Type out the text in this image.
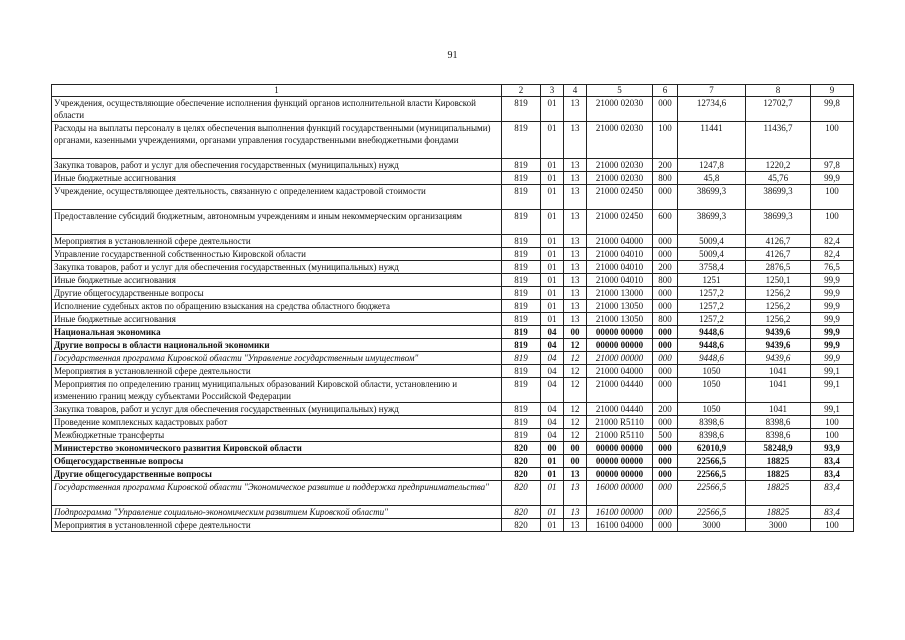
91
1	2	3	4	5	6	7	8	9
Учреждения, осуществляющие обеспечение исполнения функций органов исполнительной власти Кировской области	819	01	13	21000 02030	000	12734,6	12702,7	99,8
Расходы на выплаты персоналу в целях обеспечения выполнения функций государственными (муниципальными) органами, казенными учреждениями, органами управления государственными внебюджетными фондами	819	01	13	21000 02030	100	11441	11436,7	100
Закупка товаров, работ и услуг для обеспечения государственных (муниципальных) нужд	819	01	13	21000 02030	200	1247,8	1220,2	97,8
Иные бюджетные ассигнования	819	01	13	21000 02030	800	45,8	45,76	99,9
Учреждение, осуществляющее деятельность, связанную с определением кадастровой стоимости	819	01	13	21000 02450	000	38699,3	38699,3	100
Предоставление субсидий бюджетным, автономным учреждениям и иным некоммерческим организациям	819	01	13	21000 02450	600	38699,3	38699,3	100
Мероприятия в установленной сфере деятельности	819	01	13	21000 04000	000	5009,4	4126,7	82,4
Управление государственной собственностью Кировской области	819	01	13	21000 04010	000	5009,4	4126,7	82,4
Закупка товаров, работ и услуг для обеспечения государственных (муниципальных) нужд	819	01	13	21000 04010	200	3758,4	2876,5	76,5
Иные бюджетные ассигнования	819	01	13	21000 04010	800	1251	1250,1	99,9
Другие общегосударственные вопросы	819	01	13	21000 13000	000	1257,2	1256,2	99,9
Исполнение судебных актов по обращению взыскания на средства областного бюджета	819	01	13	21000 13050	000	1257,2	1256,2	99,9
Иные бюджетные ассигнования	819	01	13	21000 13050	800	1257,2	1256,2	99,9
Национальная экономика	819	04	00	00000 00000	000	9448,6	9439,6	99,9
Другие вопросы в области национальной экономики	819	04	12	00000 00000	000	9448,6	9439,6	99,9
Государственная программа Кировской области "Управление государственным имуществом"	819	04	12	21000 00000	000	9448,6	9439,6	99,9
Мероприятия в установленной сфере деятельности	819	04	12	21000 04000	000	1050	1041	99,1
Мероприятия по определению границ муниципальных образований Кировской области, установлению и изменению границ между субъектами Российской Федерации	819	04	12	21000 04440	000	1050	1041	99,1
Закупка товаров, работ и услуг для обеспечения государственных (муниципальных) нужд	819	04	12	21000 04440	200	1050	1041	99,1
Проведение комплексных кадастровых работ	819	04	12	21000 R5110	000	8398,6	8398,6	100
Межбюджетные трансферты	819	04	12	21000 R5110	500	8398,6	8398,6	100
Министерство экономического развития Кировской области	820	00	00	00000 00000	000	62010,9	58248,9	93,9
Общегосударственные вопросы	820	01	00	00000 00000	000	22566,5	18825	83,4
Другие общегосударственные вопросы	820	01	13	00000 00000	000	22566,5	18825	83,4
Государственная программа Кировской области "Экономическое развитие и поддержка предпринимательства"	820	01	13	16000 00000	000	22566,5	18825	83,4
Подпрограмма "Управление социально-экономическим развитием Кировской области"	820	01	13	16100 00000	000	22566,5	18825	83,4
Мероприятия в установленной сфере деятельности	820	01	13	16100 04000	000	3000	3000	100
